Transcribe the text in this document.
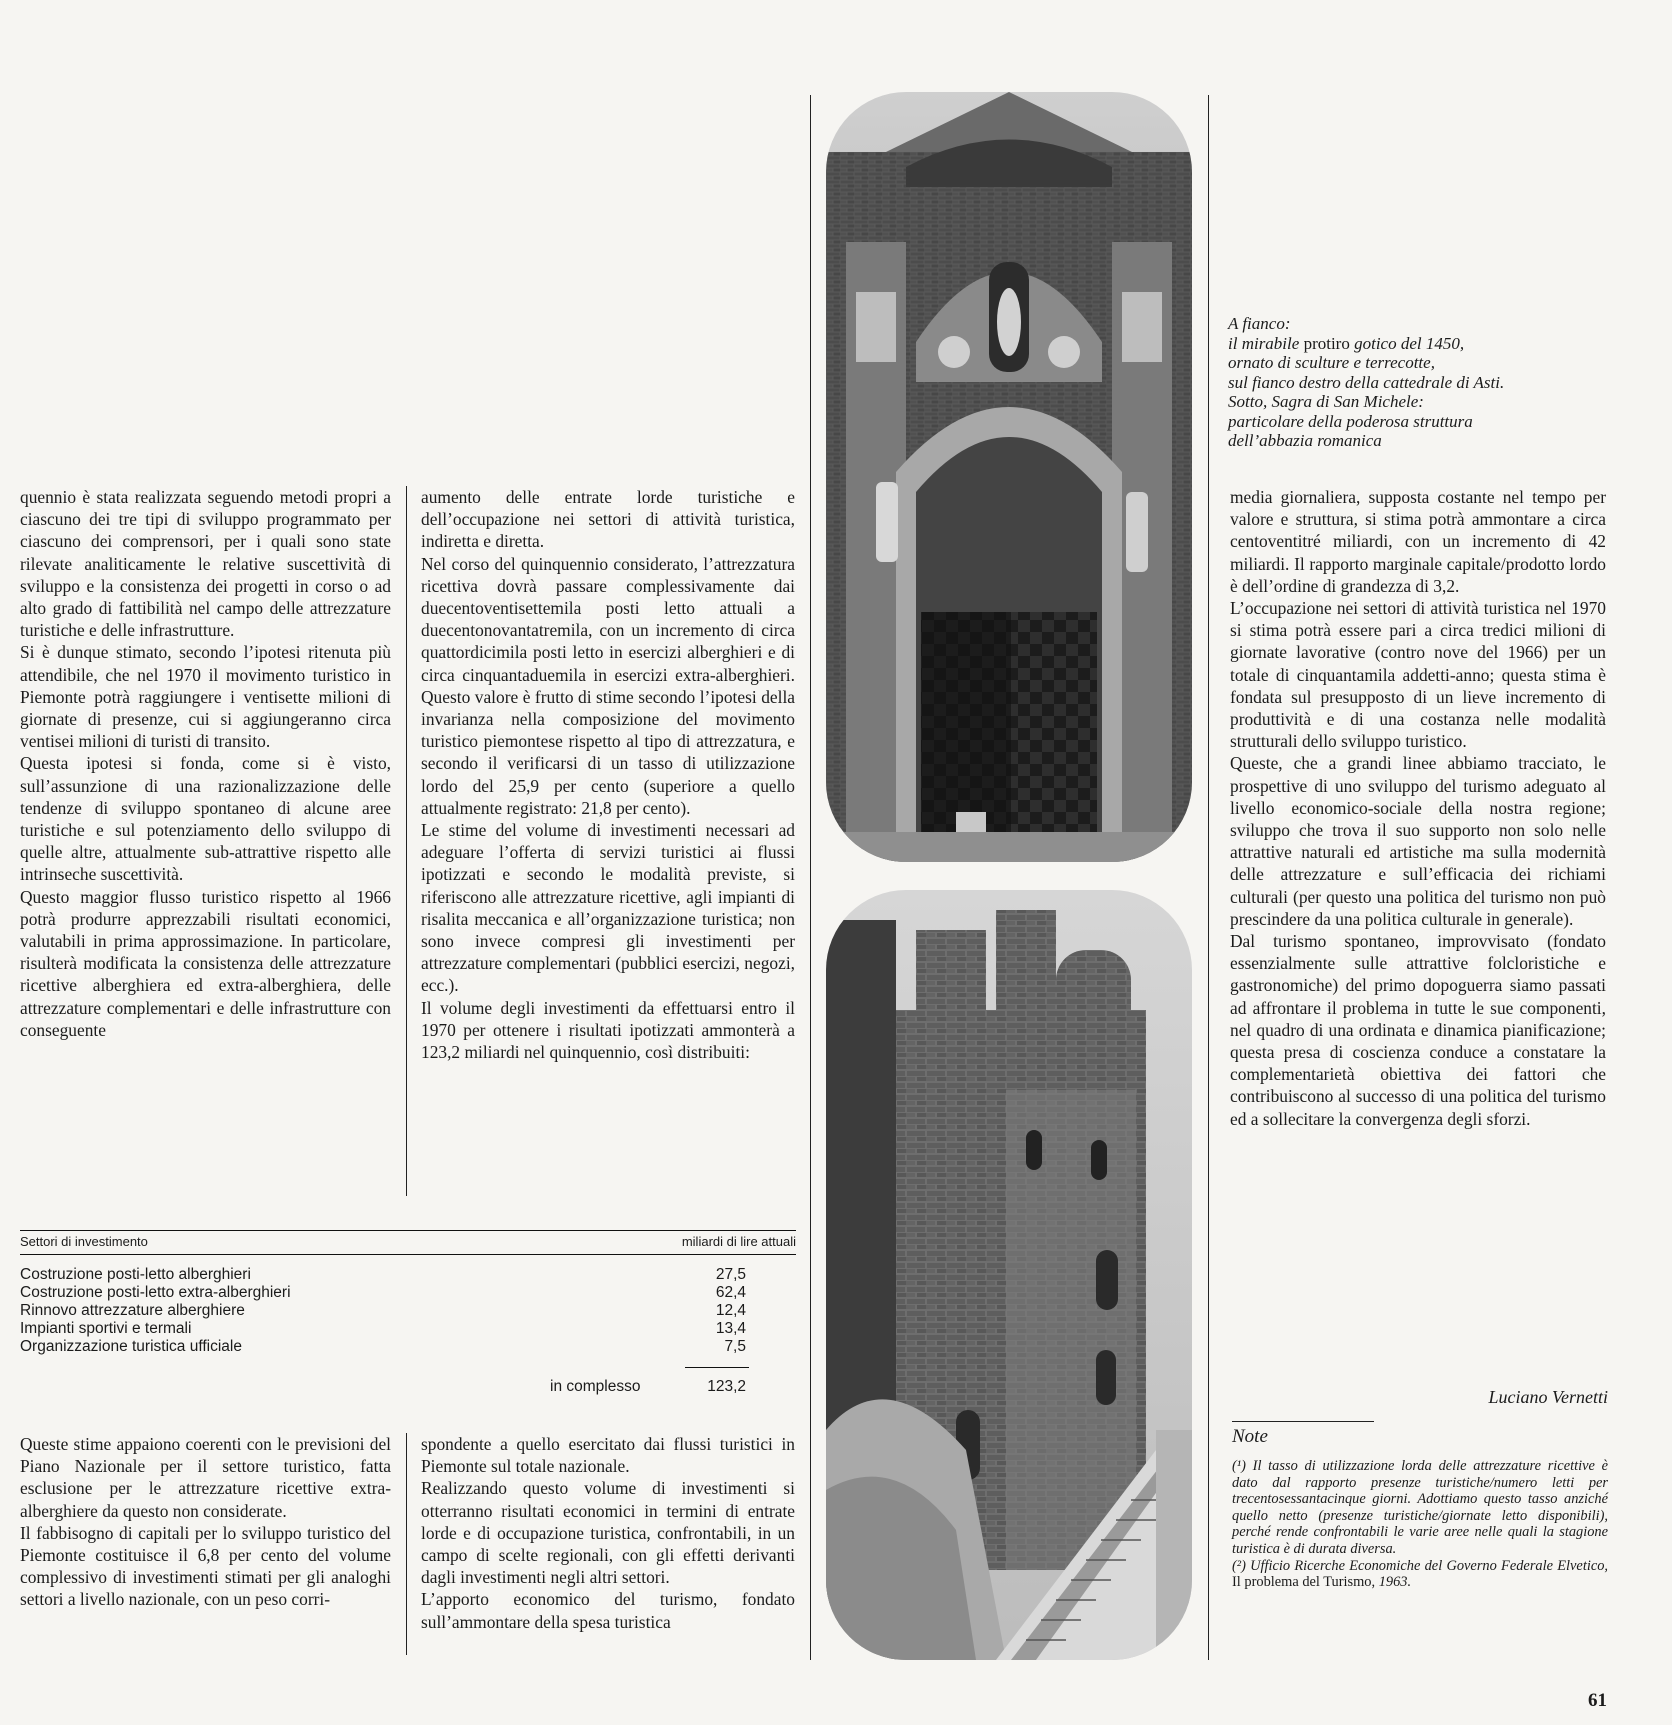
quennio è stata realizzata seguendo metodi propri a ciascuno dei tre tipi di sviluppo programmato per ciascuno dei comprensori, per i quali sono state rilevate analiticamente le relative suscettività di sviluppo e la consistenza dei progetti in corso o ad alto grado di fattibilità nel campo delle attrezzature turistiche e delle infrastrutture.

Si è dunque stimato, secondo l’ipotesi ritenuta più attendibile, che nel 1970 il movimento turistico in Piemonte potrà raggiungere i ventisette milioni di giornate di presenze, cui si aggiungeranno circa ventisei milioni di turisti di transito.

Questa ipotesi si fonda, come si è visto, sull’assunzione di una razionalizzazione delle tendenze di sviluppo spontaneo di alcune aree turistiche e sul potenziamento dello sviluppo di quelle altre, attualmente sub-attrattive rispetto alle intrinseche suscettività.

Questo maggior flusso turistico rispetto al 1966 potrà produrre apprezzabili risultati economici, valutabili in prima approssimazione. In particolare, risulterà modificata la consistenza delle attrezzature ricettive alberghiera ed extra-alberghiera, delle attrezzature complementari e delle infrastrutture con conseguente

aumento delle entrate lorde turistiche e dell’occupazione nei settori di attività turistica, indiretta e diretta.

Nel corso del quinquennio considerato, l’attrezzatura ricettiva dovrà passare complessivamente dai duecentoventisettemila posti letto attuali a duecentonovantatremila, con un incremento di circa quattordicimila posti letto in esercizi alberghieri e di circa cinquantaduemila in esercizi extra-alberghieri. Questo valore è frutto di stime secondo l’ipotesi della invarianza nella composizione del movimento turistico piemontese rispetto al tipo di attrezzatura, e secondo il verificarsi di un tasso di utilizzazione lordo del 25,9 per cento (superiore a quello attualmente registrato: 21,8 per cento).

Le stime del volume di investimenti necessari ad adeguare l’offerta di servizi turistici ai flussi ipotizzati e secondo le modalità previste, si riferiscono alle attrezzature ricettive, agli impianti di risalita meccanica e all’organizzazione turistica; non sono invece compresi gli investimenti per attrezzature complementari (pubblici esercizi, negozi, ecc.).

Il volume degli investimenti da effettuarsi entro il 1970 per ottenere i risultati ipotizzati ammonterà a 123,2 miliardi nel quinquennio, così distribuiti:

Settori di investimento	miliardi di lire attuali
Costruzione posti-letto alberghieri	27,5
Costruzione posti-letto extra-alberghieri	62,4
Rinnovo attrezzature alberghiere	12,4
Impianti sportivi e termali	13,4
Organizzazione turistica ufficiale	7,5
in complesso	123,2

Queste stime appaiono coerenti con le previsioni del Piano Nazionale per il settore turistico, fatta esclusione per le attrezzature ricettive extra-alberghiere da questo non considerate.

Il fabbisogno di capitali per lo sviluppo turistico del Piemonte costituisce il 6,8 per cento del volume complessivo di investimenti stimati per gli analoghi settori a livello nazionale, con un peso corri-

spondente a quello esercitato dai flussi turistici in Piemonte sul totale nazionale.

Realizzando questo volume di investimenti si otterranno risultati economici in termini di entrate lorde e di occupazione turistica, confrontabili, in un campo di scelte regionali, con gli effetti derivanti dagli investimenti negli altri settori.

L’apporto economico del turismo, fondato sull’ammontare della spesa turistica

A fianco:
il mirabile protiro gotico del 1450,
ornato di sculture e terrecotte,
sul fianco destro della cattedrale di Asti.
Sotto, Sagra di San Michele:
particolare della poderosa struttura
dell’abbazia romanica

media giornaliera, supposta costante nel tempo per valore e struttura, si stima potrà ammontare a circa centoventitré miliardi, con un incremento di 42 miliardi. Il rapporto marginale capitale/prodotto lordo è dell’ordine di grandezza di 3,2.

L’occupazione nei settori di attività turistica nel 1970 si stima potrà essere pari a circa tredici milioni di giornate lavorative (contro nove del 1966) per un totale di cinquantamila addetti-anno; questa stima è fondata sul presupposto di un lieve incremento di produttività e di una costanza nelle modalità strutturali dello sviluppo turistico.

Queste, che a grandi linee abbiamo tracciato, le prospettive di uno sviluppo del turismo adeguato al livello economico-sociale della nostra regione; sviluppo che trova il suo supporto non solo nelle attrattive naturali ed artistiche ma sulla modernità delle attrezzature e sull’efficacia dei richiami culturali (per questo una politica del turismo non può prescindere da una politica culturale in generale).

Dal turismo spontaneo, improvvisato (fondato essenzialmente sulle attrattive folcloristiche e gastronomiche) del primo dopoguerra siamo passati ad affrontare il problema in tutte le sue componenti, nel quadro di una ordinata e dinamica pianificazione; questa presa di coscienza conduce a constatare la complementarietà obiettiva dei fattori che contribuiscono al successo di una politica del turismo ed a sollecitare la convergenza degli sforzi.

Luciano Vernetti
Note

(¹) Il tasso di utilizzazione lorda delle attrezzature ricettive è dato dal rapporto presenze turistiche/numero letti per trecentosessantacinque giorni. Adottiamo questo tasso anziché quello netto (presenze turistiche/giornate letto disponibili), perché rende confrontabili le varie aree nelle quali la stagione turistica è di durata diversa.

(²) Ufficio Ricerche Economiche del Governo Federale Elvetico, Il problema del Turismo, 1963.

61
